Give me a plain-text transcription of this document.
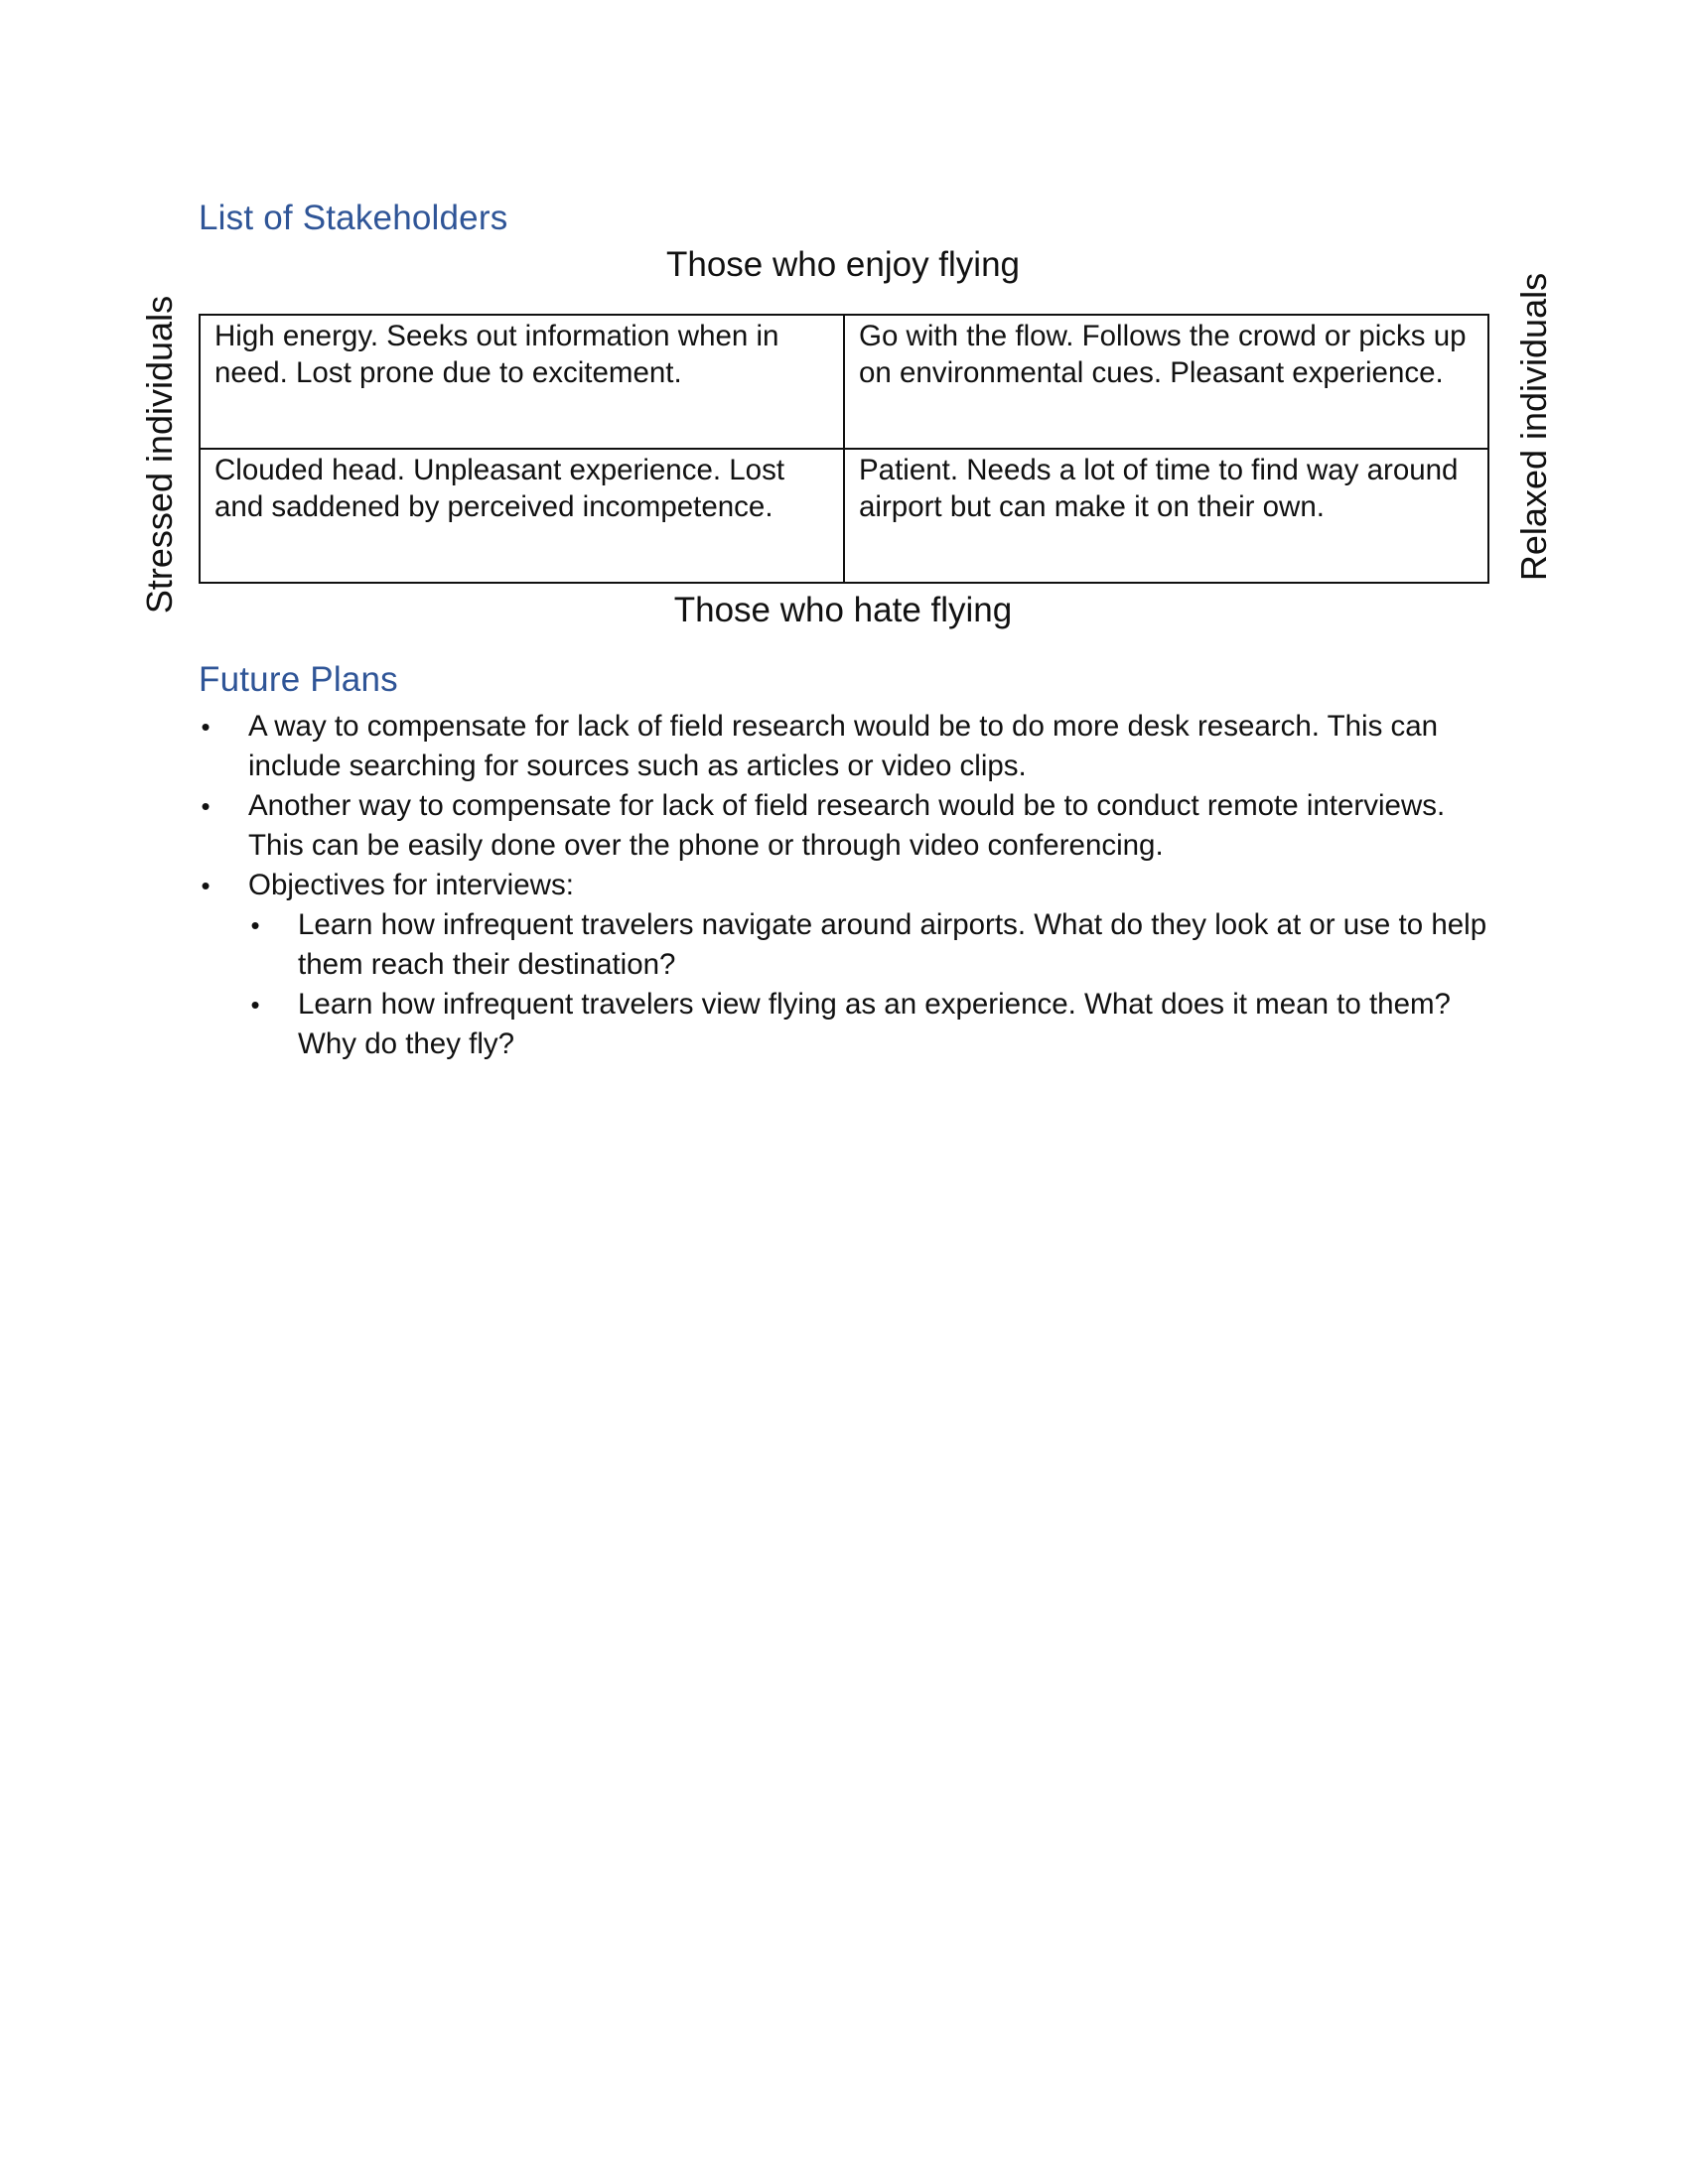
List of Stakeholders
Those who enjoy flying
Stressed individuals	Relaxed individuals
High energy. Seeks out information when in need. Lost prone due to excitement.	Go with the flow. Follows the crowd or picks up on environmental cues. Pleasant experience.
Clouded head. Unpleasant experience. Lost and saddened by perceived incompetence.	Patient. Needs a lot of time to find way around airport but can make it on their own.
Those who hate flying
Future Plans
• A way to compensate for lack of field research would be to do more desk research. This can include searching for sources such as articles or video clips.
• Another way to compensate for lack of field research would be to conduct remote interviews. This can be easily done over the phone or through video conferencing.
• Objectives for interviews:
• Learn how infrequent travelers navigate around airports. What do they look at or use to help them reach their destination?
• Learn how infrequent travelers view flying as an experience. What does it mean to them? Why do they fly?
